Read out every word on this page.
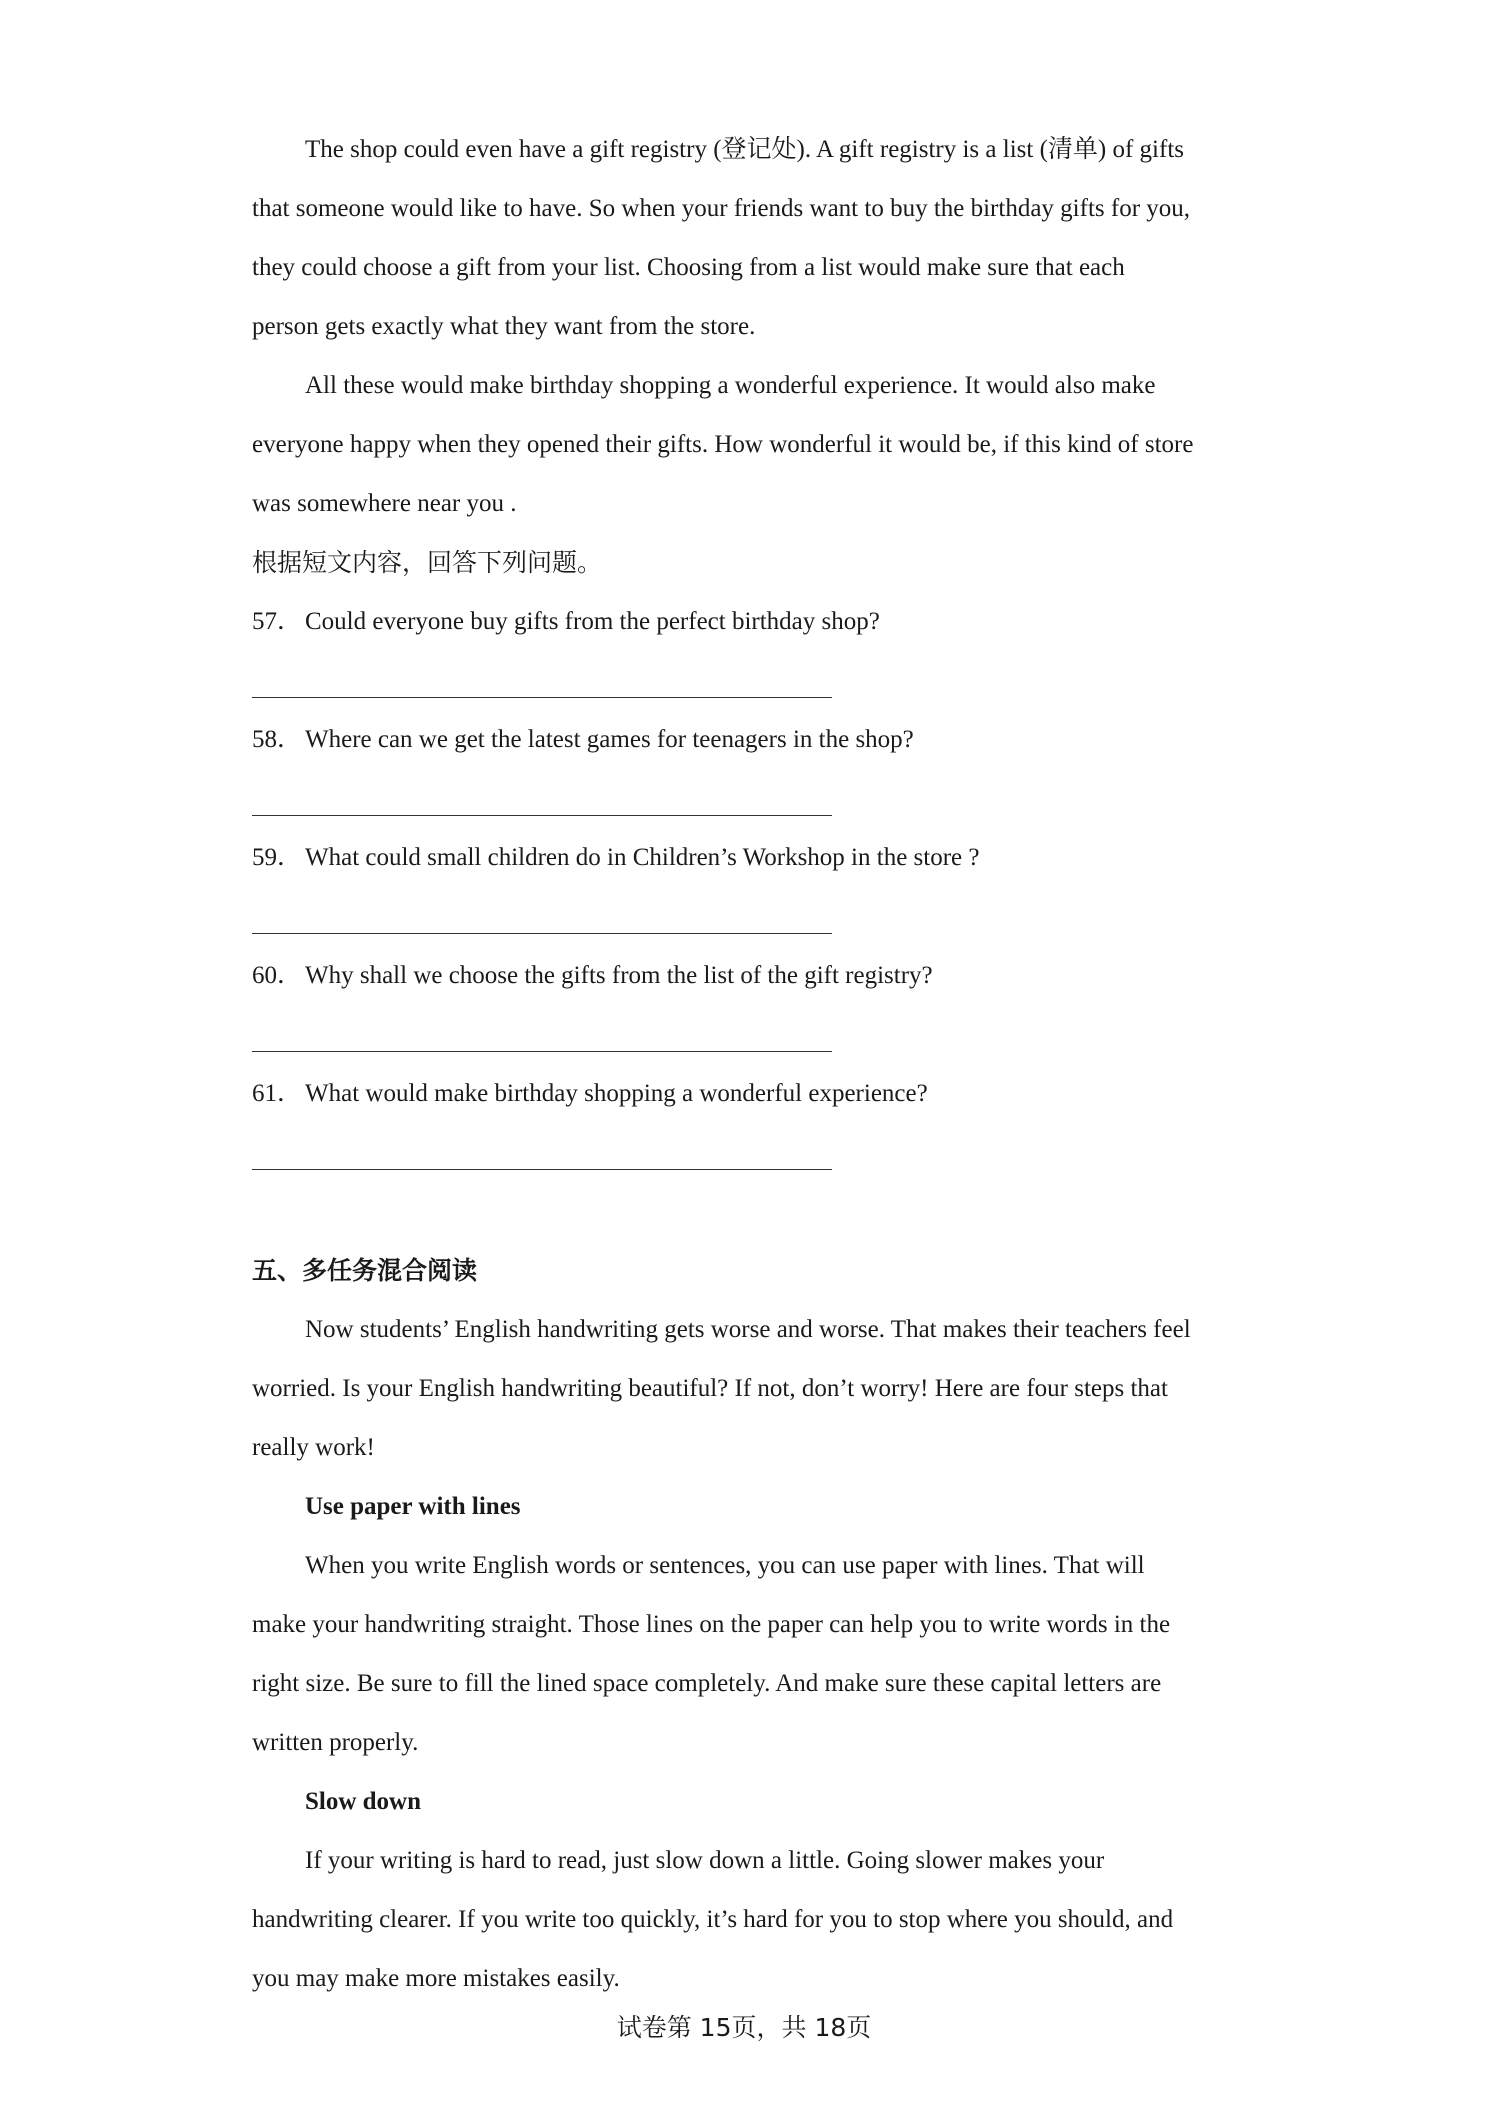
The shop could even have a gift registry (登记处). A gift registry is a list (清单) of gifts

that someone would like to have. So when your friends want to buy the birthday gifts for you,

they could choose a gift from your list. Choosing from a list would make sure that each

person gets exactly what they want from the store.

All these would make birthday shopping a wonderful experience. It would also make

everyone happy when they opened their gifts. How wonderful it would be, if this kind of store

was somewhere near you .

根据短文内容，回答下列问题。

57． Could everyone buy gifts from the perfect birthday shop?

58． Where can we get the latest games for teenagers in the shop?

59． What could small children do in Children’s Workshop in the store ?

60． Why shall we choose the gifts from the list of the gift registry?

61． What would make birthday shopping a wonderful experience?

五、多任务混合阅读

Now students’ English handwriting gets worse and worse. That makes their teachers feel

worried. Is your English handwriting beautiful? If not, don’t worry! Here are four steps that

really work!

Use paper with lines

When you write English words or sentences, you can use paper with lines. That will

make your handwriting straight. Those lines on the paper can help you to write words in the

right size. Be sure to fill the lined space completely. And make sure these capital letters are

written properly.

Slow down

If your writing is hard to read, just slow down a little. Going slower makes your

handwriting clearer. If you write too quickly, it’s hard for you to stop where you should, and

you may make more mistakes easily.

试卷第 15页，共 18页
